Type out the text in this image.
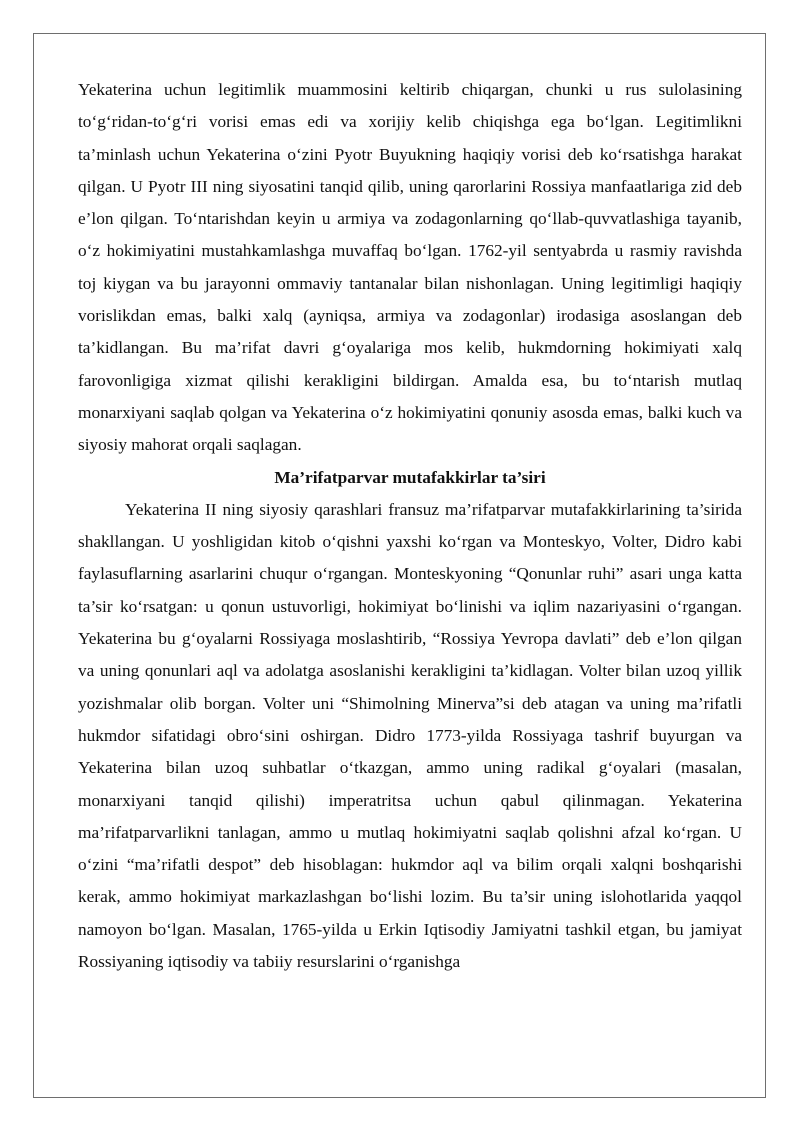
Yekaterina uchun legitimlik muammosini keltirib chiqargan, chunki u rus sulolasining to‘g‘ridan-to‘g‘ri vorisi emas edi va xorijiy kelib chiqishga ega bo‘lgan. Legitimlikni ta’minlash uchun Yekaterina o‘zini Pyotr Buyukning haqiqiy vorisi deb ko‘rsatishga harakat qilgan. U Pyotr III ning siyosatini tanqid qilib, uning qarorlarini Rossiya manfaatlariga zid deb e’lon qilgan. To‘ntarishdan keyin u armiya va zodagonlarning qo‘llab-quvvatlashiga tayanib, o‘z hokimiyatini mustahkamlashga muvaffaq bo‘lgan. 1762-yil sentyabrda u rasmiy ravishda toj kiygan va bu jarayonni ommaviy tantanalar bilan nishonlagan. Uning legitimligi haqiqiy vorislikdan emas, balki xalq (ayniqsa, armiya va zodagonlar) irodasiga asoslangan deb ta’kidlangan. Bu ma’rifat davri g‘oyalariga mos kelib, hukmdorning hokimiyati xalq farovonligiga xizmat qilishi kerakligini bildirgan. Amalda esa, bu to‘ntarish mutlaq monarxiyani saqlab qolgan va Yekaterina o‘z hokimiyatini qonuniy asosda emas, balki kuch va siyosiy mahorat orqali saqlagan.

Ma’rifatparvar mutafakkirlar ta’siri

Yekaterina II ning siyosiy qarashlari fransuz ma’rifatparvar mutafakkirlarining ta’sirida shakllangan. U yoshligidan kitob o‘qishni yaxshi ko‘rgan va Monteskyo, Volter, Didro kabi faylasuflarning asarlarini chuqur o‘rgangan. Monteskyoning “Qonunlar ruhi” asari unga katta ta’sir ko‘rsatgan: u qonun ustuvorligi, hokimiyat bo‘linishi va iqlim nazariyasini o‘rgangan. Yekaterina bu g‘oyalarni Rossiyaga moslashtirib, “Rossiya Yevropa davlati” deb e’lon qilgan va uning qonunlari aql va adolatga asoslanishi kerakligini ta’kidlagan. Volter bilan uzoq yillik yozishmalar olib borgan. Volter uni “Shimolning Minerva”si deb atagan va uning ma’rifatli hukmdor sifatidagi obro‘sini oshirgan. Didro 1773-yilda Rossiyaga tashrif buyurgan va Yekaterina bilan uzoq suhbatlar o‘tkazgan, ammo uning radikal g‘oyalari (masalan, monarxiyani tanqid qilishi) imperatritsa uchun qabul qilinmagan. Yekaterina ma’rifatparvarlikni tanlagan, ammo u mutlaq hokimiyatni saqlab qolishni afzal ko‘rgan. U o‘zini “ma’rifatli despot” deb hisoblagan: hukmdor aql va bilim orqali xalqni boshqarishi kerak, ammo hokimiyat markazlashgan bo‘lishi lozim. Bu ta’sir uning islohotlarida yaqqol namoyon bo‘lgan. Masalan, 1765-yilda u Erkin Iqtisodiy Jamiyatni tashkil etgan, bu jamiyat Rossiyaning iqtisodiy va tabiiy resurslarini o‘rganishga
